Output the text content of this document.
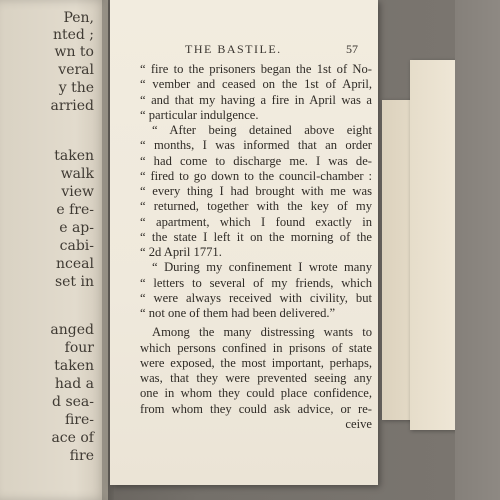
Pen,

nted ;

wn to

veral

y the

arried

taken

walk

view

e fre-

e ap-

cabi-

nceal

set in

anged

four

taken

had a

d sea-

fire-

ace of

fire

THE BASTILE.	57
“ fire to the prisoners began the 1st of No-
“ vember and ceased on the 1st of April,
“ and that my having a fire in April was a
“ particular indulgence.
“ After being detained above eight
“ months, I was informed that an order
“ had come to discharge me. I was de-
“ fired to go down to the council-chamber :
“ every thing I had brought with me was
“ returned, together with the key of my
“ apartment, which I found exactly in
“ the state I left it on the morning of the
“ 2d April 1771.
“ During my confinement I wrote many
“ letters to several of my friends, which
“ were always received with civility, but
“ not one of them had been delivered.”
Among the many distressing wants to
which persons confined in prisons of state
were exposed, the most important, perhaps,
was, that they were prevented seeing any
one in whom they could place confidence,
from whom they could ask advice, or re-
ceive
